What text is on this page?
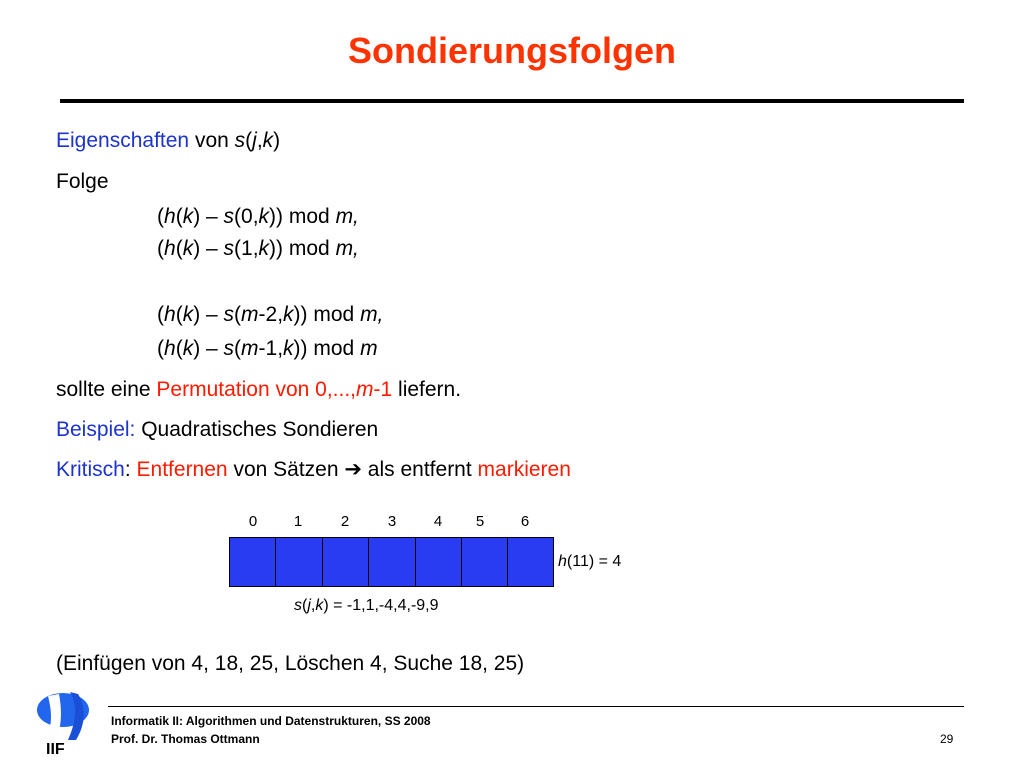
Sondierungsfolgen
Eigenschaften von s(j,k)
Folge
(h(k) – s(0,k)) mod m,
(h(k) – s(1,k)) mod m,
(h(k) – s(m-2,k)) mod m,
(h(k) – s(m-1,k)) mod m
sollte eine Permutation von 0,...,m-1 liefern.
Beispiel: Quadratisches Sondieren
Kritisch: Entfernen von Sätzen ➔ als entfernt markieren
0	1	2	3	4	5	6
h(11) = 4
s(j,k) = -1,1,-4,4,-9,9
(Einfügen von 4, 18, 25, Löschen 4, Suche 18, 25)
IIF
Informatik II: Algorithmen und Datenstrukturen, SS 2008
Prof. Dr. Thomas Ottmann	29
